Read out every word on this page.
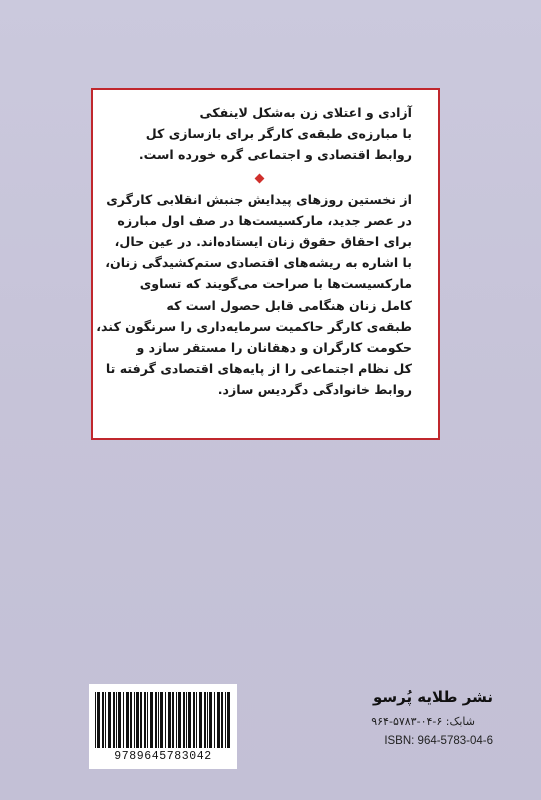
آزادی و اعتلای زن به‌شکل لاینفکی
با مبارزه‌ی طبقه‌ی کارگر برای بازسازی کل
روابط اقتصادی و اجتماعی گره خورده است.

از نخستین روزهای پیدایش جنبش انقلابی کارگری
در عصر جدید، مارکسیست‌ها در صف اول مبارزه
برای احقاق حقوق زنان ایستاده‌اند. در عین حال،
با اشاره به ریشه‌های اقتصادی ستم‌کشیدگی زنان،
مارکسیست‌ها با صراحت می‌گویند که تساوی
کامل زنان هنگامی قابل حصول است که
طبقه‌ی کارگر حاکمیت سرمایه‌داری را سرنگون کند،
حکومت کارگران و دهقانان را مستقر سازد و
کل نظام اجتماعی را از پایه‌های اقتصادی گرفته تا
روابط خانوادگی دگردیس سازد.

9789645783042
نشر طلایه پُرسو
شابک: ۶-۰۴-۵۷۸۳-۹۶۴
ISBN: 964-5783-04-6
